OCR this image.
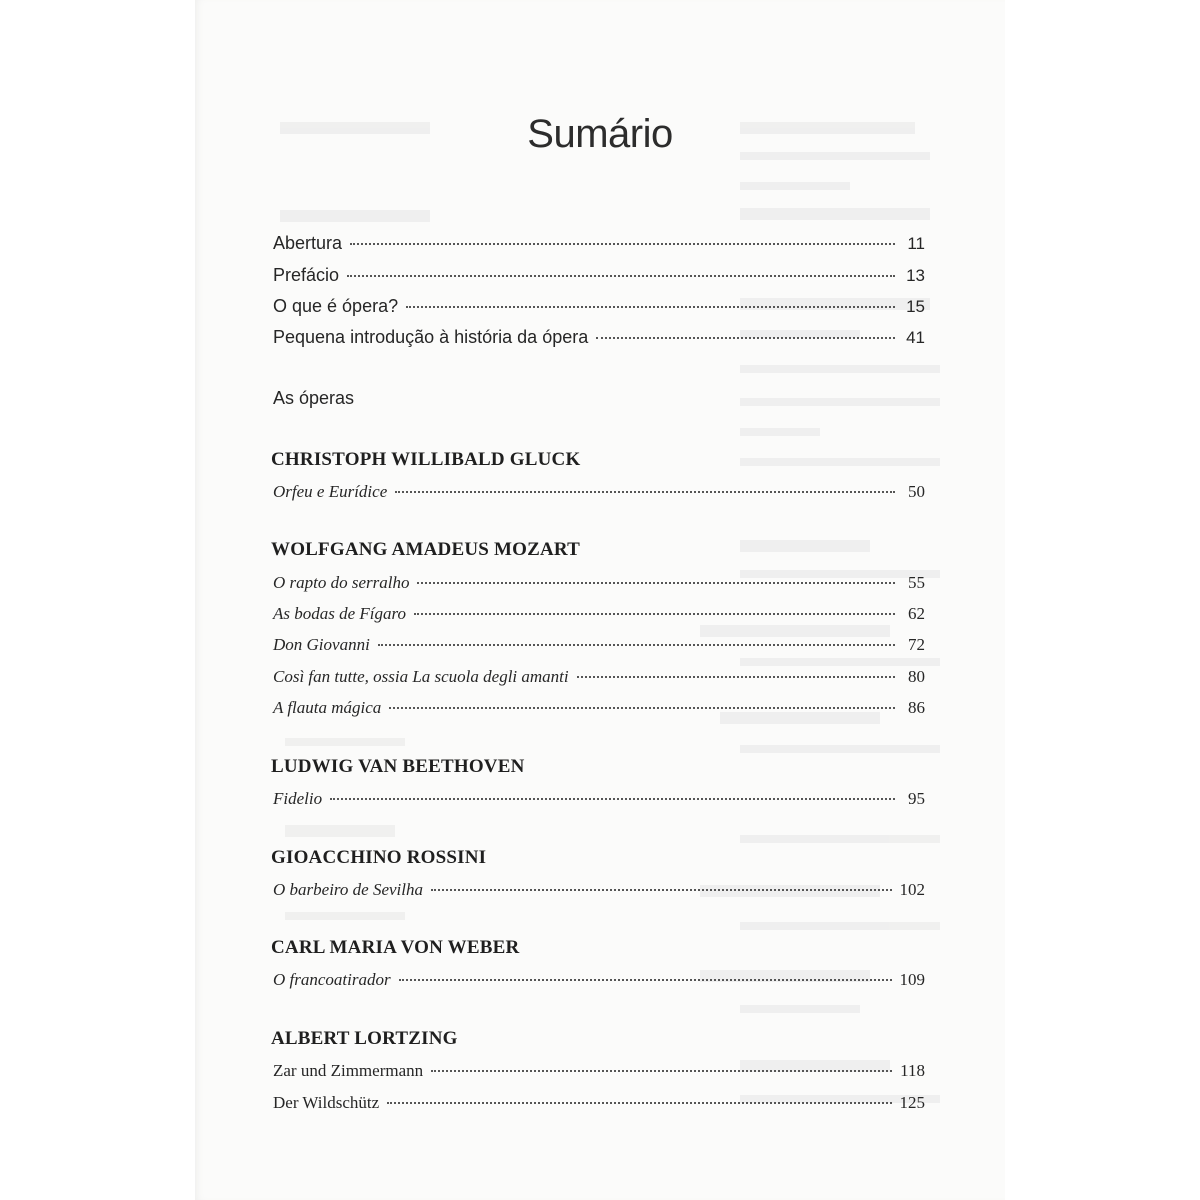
Sumário
Abertura	11
Prefácio	13
O que é ópera?	15
Pequena introdução à história da ópera	41
As óperas
CHRISTOPH WILLIBALD GLUCK
Orfeu e Eurídice	50
WOLFGANG AMADEUS MOZART
O rapto do serralho	55
As bodas de Fígaro	62
Don Giovanni	72
Così fan tutte, ossia La scuola degli amanti	80
A flauta mágica	86
LUDWIG VAN BEETHOVEN
Fidelio	95
GIOACCHINO ROSSINI
O barbeiro de Sevilha	102
CARL MARIA VON WEBER
O francoatirador	109
ALBERT LORTZING
Zar und Zimmermann	118
Der Wildschütz	125
